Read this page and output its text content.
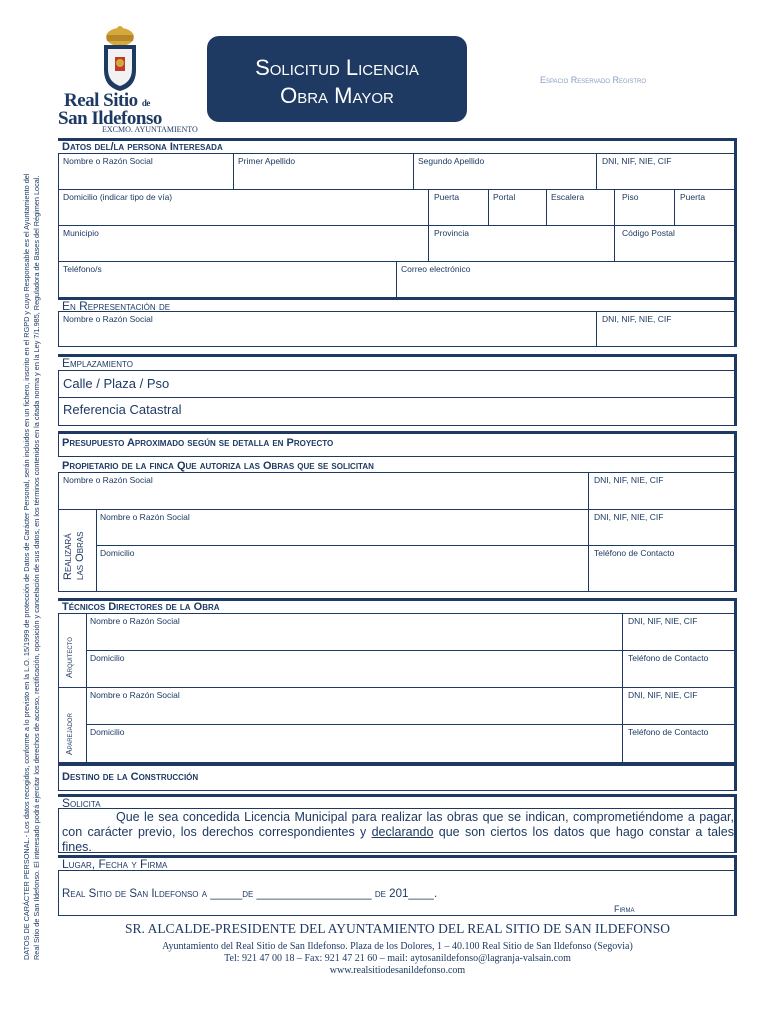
DATOS DE CARÁCTER PERSONAL.- Los datos recogidos, conforme a lo previsto en la L.O. 15/1999 de protección de Datos de Carácter Personal, serán incluidos en un fichero, inscrito en el RGPD y cuyo Responsable es el Ayuntamiento del
Real Sitio de San Ildefonso. El interesado podrá ejercitar los derechos de acceso, rectificación, oposición y cancelación de sus datos, en los términos contenidos en la citada norma y en la Ley 7/1.985, Reguladora de Bases del Régimen Local.
Real Sitio de
San Ildefonso
EXCMO. AYUNTAMIENTO
Solicitud Licencia
Obra Mayor
Espacio Reservado Registro
Datos del/la persona Interesada
Nombre o Razón Social	Primer Apellido	Segundo Apellido	DNI, NIF, NIE, CIF
Domicilio (indicar tipo de vía)	Puerta	Portal	Escalera	Piso	Puerta
Municipio	Provincia	Código Postal
Teléfono/s	Correo electrónico
En Representación de
Nombre o Razón Social	DNI, NIF, NIE, CIF
Emplazamiento
Calle / Plaza / Pso
Referencia Catastral
Presupuesto Aproximado según se detalla en Proyecto
Propietario de la finca Que autoriza las Obras que se solicitan
Nombre o Razón Social	DNI, NIF, NIE, CIF
Realizará
las Obras
Nombre o Razón Social	DNI, NIF, NIE, CIF
Domicilio	Teléfono de Contacto
Técnicos Directores de la Obra
Arquitecto
Aparejador
Nombre o Razón Social	DNI, NIF, NIE, CIF
Domicilio	Teléfono de Contacto
Nombre o Razón Social	DNI, NIF, NIE, CIF
Domicilio	Teléfono de Contacto
Destino de la Construcción
Solicita
Que le sea concedida Licencia Municipal para realizar las obras que se indican, comprometiéndome a pagar, con carácter previo, los derechos correspondientes y declarando que son ciertos los datos que hago constar a tales fines.
Lugar, Fecha y Firma
Real Sitio de San Ildefonso a _____de __________________ de 201____.
Firma
SR. ALCALDE-PRESIDENTE DEL AYUNTAMIENTO DEL REAL SITIO DE SAN ILDEFONSO
Ayuntamiento del Real Sitio de San Ildefonso. Plaza de los Dolores, 1 – 40.100 Real Sitio de San Ildefonso (Segovia)
Tel: 921 47 00 18 – Fax: 921 47 21 60 – mail: aytosanildefonso@lagranja-valsain.com
www.realsitiodesanildefonso.com
